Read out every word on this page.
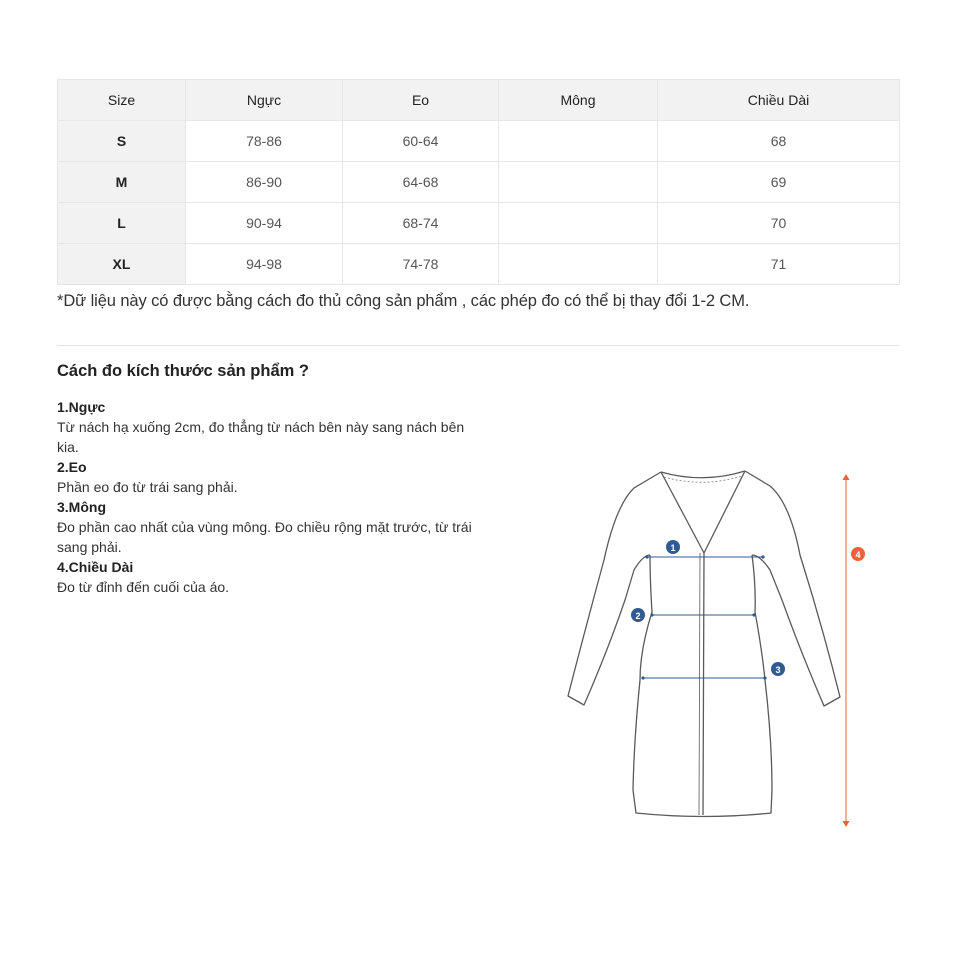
Size	Ngực	Eo	Mông	Chiều Dài
S	78-86	60-64		68
M	86-90	64-68		69
L	90-94	68-74		70
XL	94-98	74-78		71
*Dữ liệu này có được bằng cách đo thủ công sản phẩm , các phép đo có thể bị thay đổi 1-2 CM.
Cách đo kích thước sản phẩm ?
1.Ngực
Từ nách hạ xuống 2cm, đo thẳng từ nách bên này sang nách bên kia.
2.Eo
Phần eo đo từ trái sang phải.
3.Mông
Đo phần cao nhất của vùng mông. Đo chiều rộng mặt trước, từ trái sang phải.
4.Chiều Dài
Đo từ đỉnh đến cuối của áo.
1
2
3
4
